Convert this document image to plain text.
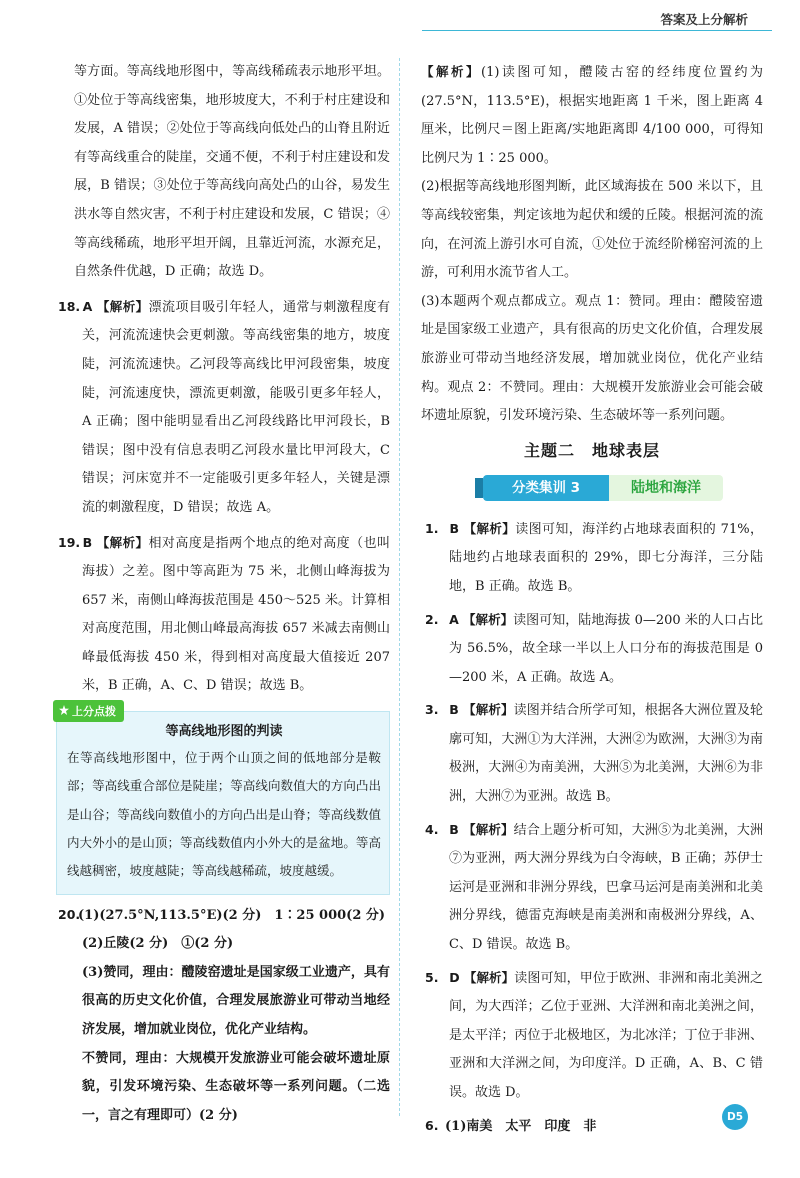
答案及上分解析

等方面。等高线地形图中，等高线稀疏表示地形平坦。①处位于等高线密集，地形坡度大，不利于村庄建设和发展，A 错误；②处位于等高线向低处凸的山脊且附近有等高线重合的陡崖，交通不便，不利于村庄建设和发展，B 错误；③处位于等高线向高处凸的山谷，易发生洪水等自然灾害，不利于村庄建设和发展，C 错误；④等高线稀疏，地形平坦开阔，且靠近河流，水源充足，自然条件优越，D 正确；故选 D。

18. A 【解析】漂流项目吸引年轻人，通常与刺激程度有关，河流流速快会更刺激。等高线密集的地方，坡度陡，河流流速快。乙河段等高线比甲河段密集，坡度陡，河流速度快，漂流更刺激，能吸引更多年轻人，A 正确；图中能明显看出乙河段线路比甲河段长，B 错误；图中没有信息表明乙河段水量比甲河段大，C 错误；河床宽并不一定能吸引更多年轻人，关键是漂流的刺激程度，D 错误；故选 A。

19. B 【解析】相对高度是指两个地点的绝对高度（也叫海拔）之差。图中等高距为 75 米，北侧山峰海拔为 657 米，南侧山峰海拔范围是 450～525 米。计算相对高度范围，用北侧山峰最高海拔 657 米减去南侧山峰最低海拔 450 米，得到相对高度最大值接近 207 米，B 正确，A、C、D 错误；故选 B。

上分点拨
等高线地形图的判读

在等高线地形图中，位于两个山顶之间的低地部分是鞍部；等高线重合部位是陡崖；等高线向数值大的方向凸出是山谷；等高线向数值小的方向凸出是山脊；等高线数值内大外小的是山顶；等高线数值内小外大的是盆地。等高线越稠密，坡度越陡；等高线越稀疏，坡度越缓。

20.(1)(27.5°N,113.5°E)(2 分)　1∶25 000(2 分)

(2)丘陵(2 分)　①(2 分)

(3)赞同，理由：醴陵窑遗址是国家级工业遗产，具有很高的历史文化价值，合理发展旅游业可带动当地经济发展，增加就业岗位，优化产业结构。

不赞同，理由：大规模开发旅游业可能会破坏遗址原貌，引发环境污染、生态破坏等一系列问题。（二选一，言之有理即可）(2 分)

【解析】(1)读图可知，醴陵古窑的经纬度位置约为(27.5°N，113.5°E)，根据实地距离 1 千米，图上距离 4 厘米，比例尺＝图上距离/实地距离即 4/100 000，可得知比例尺为 1∶25 000。

(2)根据等高线地形图判断，此区域海拔在 500 米以下，且等高线较密集，判定该地为起伏和缓的丘陵。根据河流的流向，在河流上游引水可自流，①处位于流经阶梯窑河流的上游，可利用水流节省人工。

(3)本题两个观点都成立。观点 1：赞同。理由：醴陵窑遗址是国家级工业遗产，具有很高的历史文化价值，合理发展旅游业可带动当地经济发展，增加就业岗位，优化产业结构。观点 2：不赞同。理由：大规模开发旅游业会可能会破坏遗址原貌，引发环境污染、生态破坏等一系列问题。

主题二　地球表层
分类集训 3	陆地和海洋

1. B 【解析】读图可知，海洋约占地球表面积的 71%，陆地约占地球表面积的 29%，即七分海洋，三分陆地，B 正确。故选 B。

2. A 【解析】读图可知，陆地海拔 0—200 米的人口占比为 56.5%，故全球一半以上人口分布的海拔范围是 0—200 米，A 正确。故选 A。

3. B 【解析】读图并结合所学可知，根据各大洲位置及轮廓可知，大洲①为大洋洲，大洲②为欧洲，大洲③为南极洲，大洲④为南美洲，大洲⑤为北美洲，大洲⑥为非洲，大洲⑦为亚洲。故选 B。

4. B 【解析】结合上题分析可知，大洲⑤为北美洲，大洲⑦为亚洲，两大洲分界线为白令海峡，B 正确；苏伊士运河是亚洲和非洲分界线，巴拿马运河是南美洲和北美洲分界线，德雷克海峡是南美洲和南极洲分界线，A、C、D 错误。故选 B。

5. D 【解析】读图可知，甲位于欧洲、非洲和南北美洲之间，为大西洋；乙位于亚洲、大洋洲和南北美洲之间，是太平洋；丙位于北极地区，为北冰洋；丁位于非洲、亚洲和大洋洲之间，为印度洋。D 正确，A、B、C 错误。故选 D。

6. (1)南美　太平　印度　非

D5
